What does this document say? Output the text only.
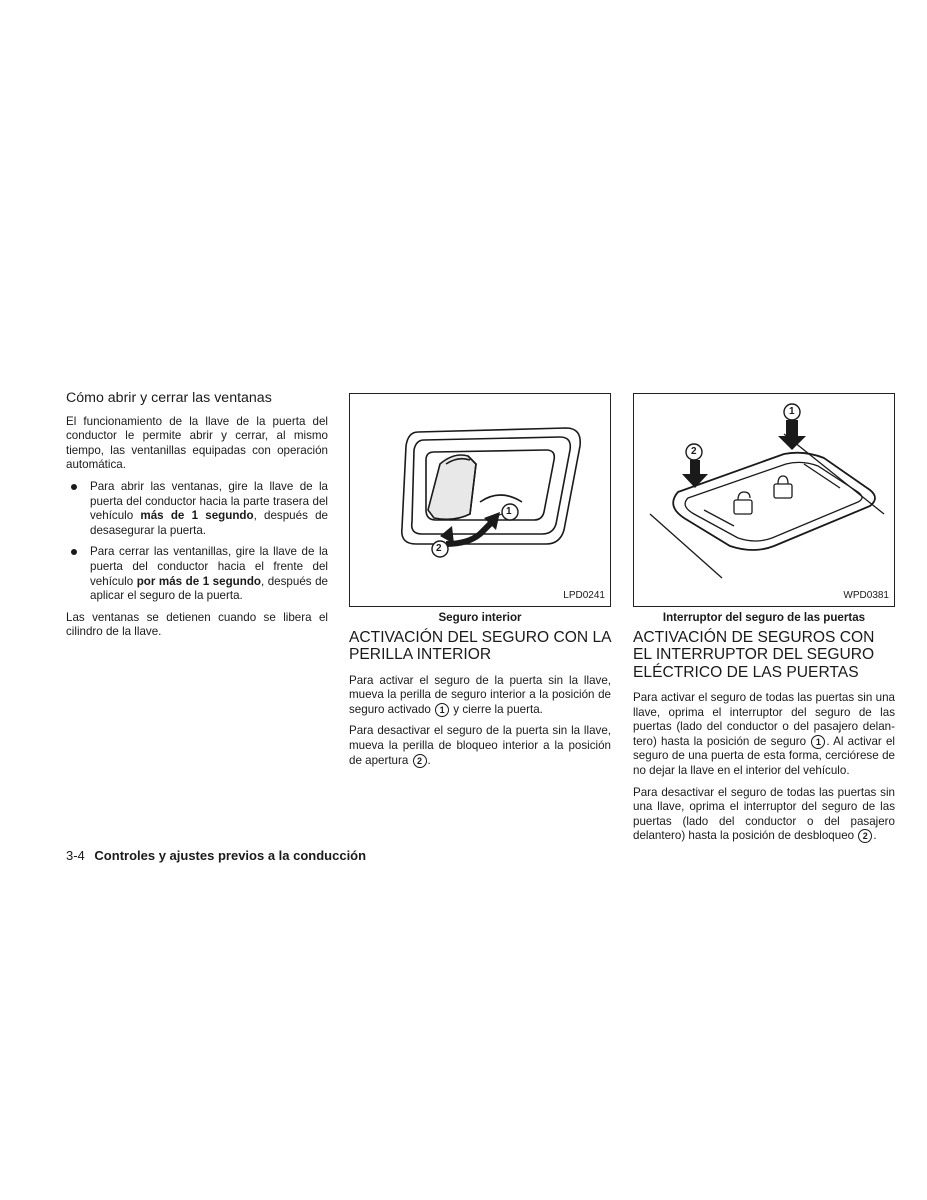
Cómo abrir y cerrar las ventanas

El funcionamiento de la llave de la puerta del conductor le permite abrir y cerrar, al mismo tiempo, las ventanillas equipadas con operación automática.

Para abrir las ventanas, gire la llave de la puerta del conductor hacia la parte trasera del vehículo más de 1 segundo, después de desasegurar la puerta.
Para cerrar las ventanillas, gire la llave de la puerta del conductor hacia el frente del vehículo por más de 1 segundo, después de aplicar el seguro de la puerta.

Las ventanas se detienen cuando se libera el cilindro de la llave.

1
2
LPD0241
Seguro interior
ACTIVACIÓN DEL SEGURO CON LA PERILLA INTERIOR

Para activar el seguro de la puerta sin la llave, mueva la perilla de seguro interior a la posición de seguro activado 1 y cierre la puerta.

Para desactivar el seguro de la puerta sin la llave, mueva la perilla de bloqueo interior a la posición de apertura 2 .

1
2
WPD0381
Interruptor del seguro de las puertas
ACTIVACIÓN DE SEGUROS CON EL INTERRUPTOR DEL SEGURO ELÉCTRICO DE LAS PUERTAS

Para activar el seguro de todas las puertas sin una llave, oprima el interruptor del seguro de las puertas (lado del conductor o del pasajero delan-tero) hasta la posición de seguro 1 . Al activar el seguro de una puerta de esta forma, cerciórese de no dejar la llave en el interior del vehículo.

Para desactivar el seguro de todas las puertas sin una llave, oprima el interruptor del seguro de las puertas (lado del conductor o del pasajero delantero) hasta la posición de desbloqueo 2 .

3-4 Controles y ajustes previos a la conducción
